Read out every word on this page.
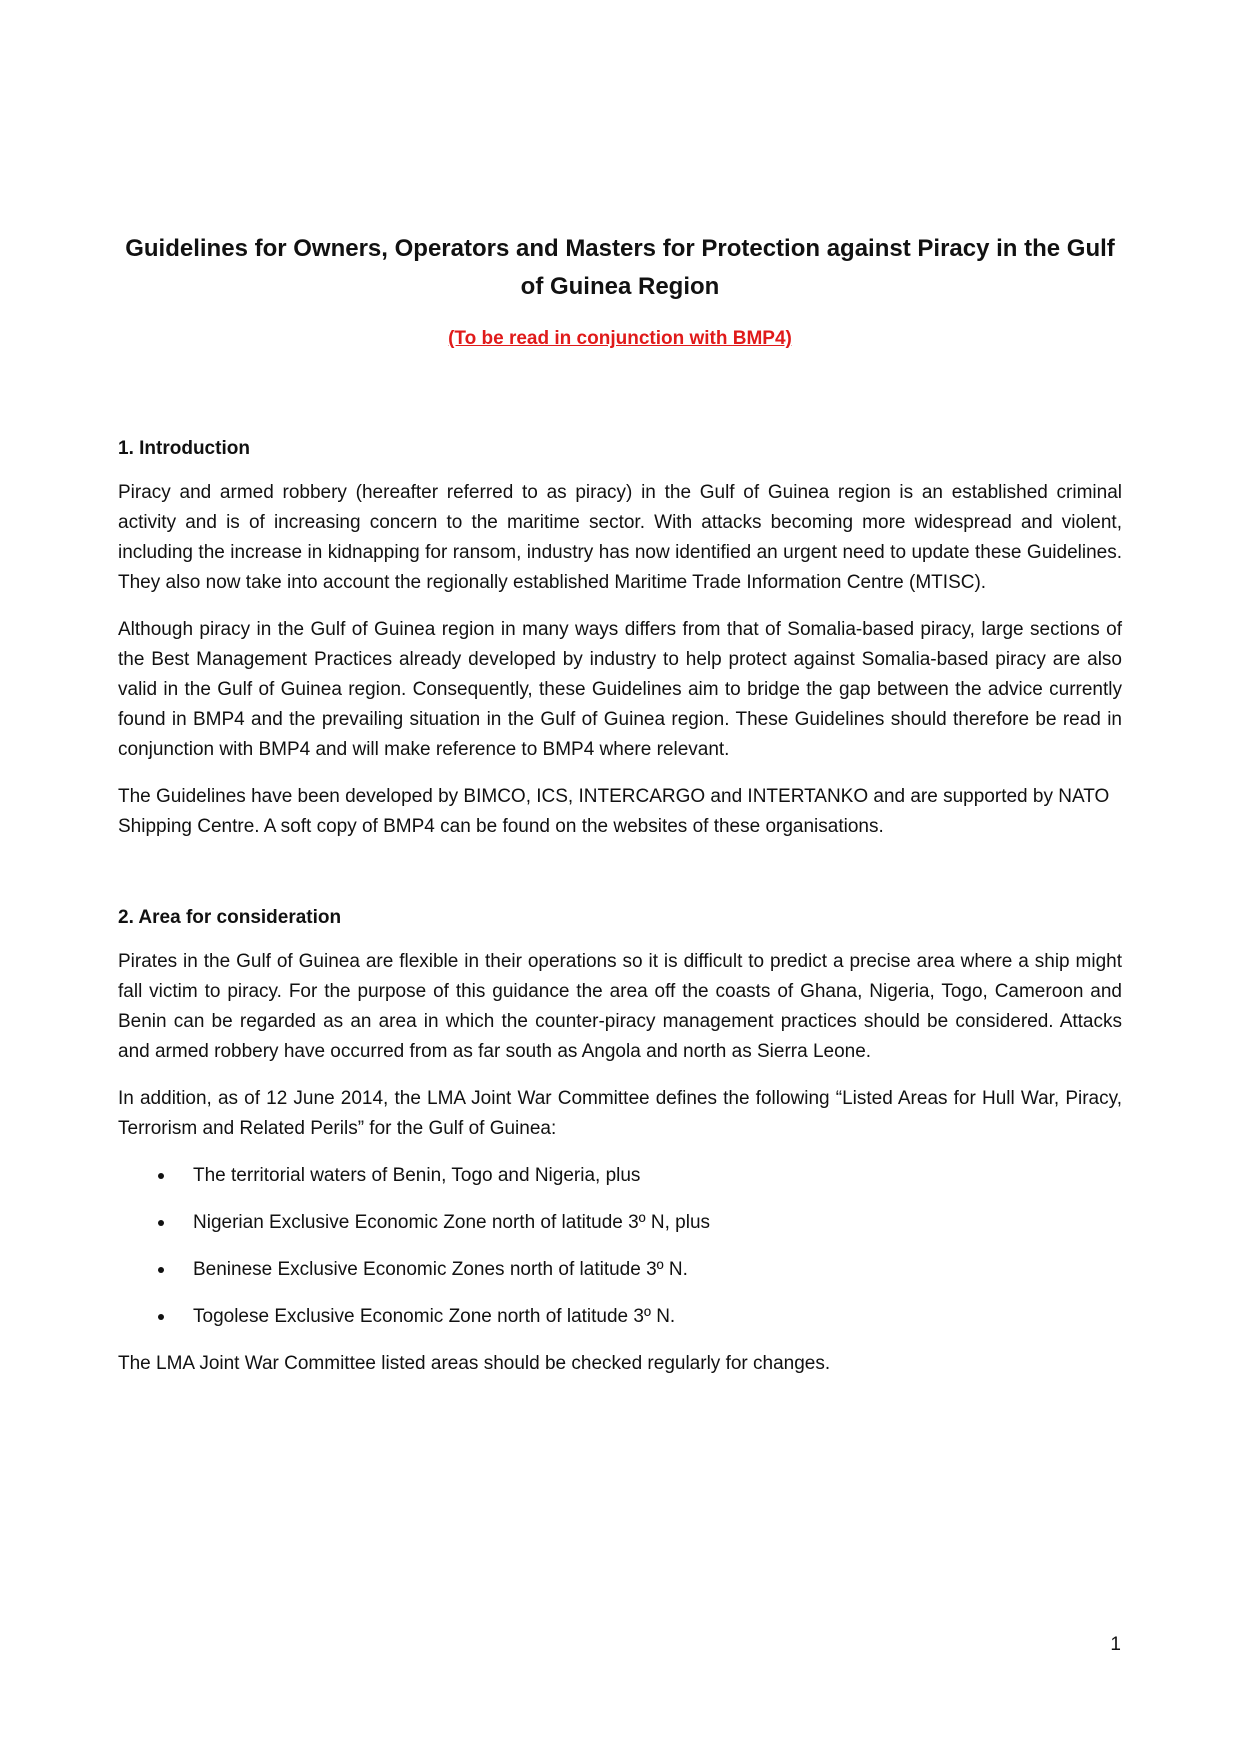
Guidelines for Owners, Operators and Masters for Protection against Piracy in the Gulf of Guinea Region
(To be read in conjunction with BMP4)
1. Introduction

Piracy and armed robbery (hereafter referred to as piracy) in the Gulf of Guinea region is an established criminal activity and is of increasing concern to the maritime sector. With attacks becoming more widespread and violent, including the increase in kidnapping for ransom, industry has now identified an urgent need to update these Guidelines. They also now take into account the regionally established Maritime Trade Information Centre (MTISC).

Although piracy in the Gulf of Guinea region in many ways differs from that of Somalia-based piracy, large sections of the Best Management Practices already developed by industry to help protect against Somalia-based piracy are also valid in the Gulf of Guinea region. Consequently, these Guidelines aim to bridge the gap between the advice currently found in BMP4 and the prevailing situation in the Gulf of Guinea region. These Guidelines should therefore be read in conjunction with BMP4 and will make reference to BMP4 where relevant.

The Guidelines have been developed by BIMCO, ICS, INTERCARGO and INTERTANKO and are supported by NATO Shipping Centre. A soft copy of BMP4 can be found on the websites of these organisations.

2. Area for consideration

Pirates in the Gulf of Guinea are flexible in their operations so it is difficult to predict a precise area where a ship might fall victim to piracy. For the purpose of this guidance the area off the coasts of Ghana, Nigeria, Togo, Cameroon and Benin can be regarded as an area in which the counter-piracy management practices should be considered. Attacks and armed robbery have occurred from as far south as Angola and north as Sierra Leone.

In addition, as of 12 June 2014, the LMA Joint War Committee defines the following “Listed Areas for Hull War, Piracy, Terrorism and Related Perils” for the Gulf of Guinea:

The territorial waters of Benin, Togo and Nigeria, plus
Nigerian Exclusive Economic Zone north of latitude 3º N, plus
Beninese Exclusive Economic Zones north of latitude 3º N.
Togolese Exclusive Economic Zone north of latitude 3º N.

The LMA Joint War Committee listed areas should be checked regularly for changes.

1
